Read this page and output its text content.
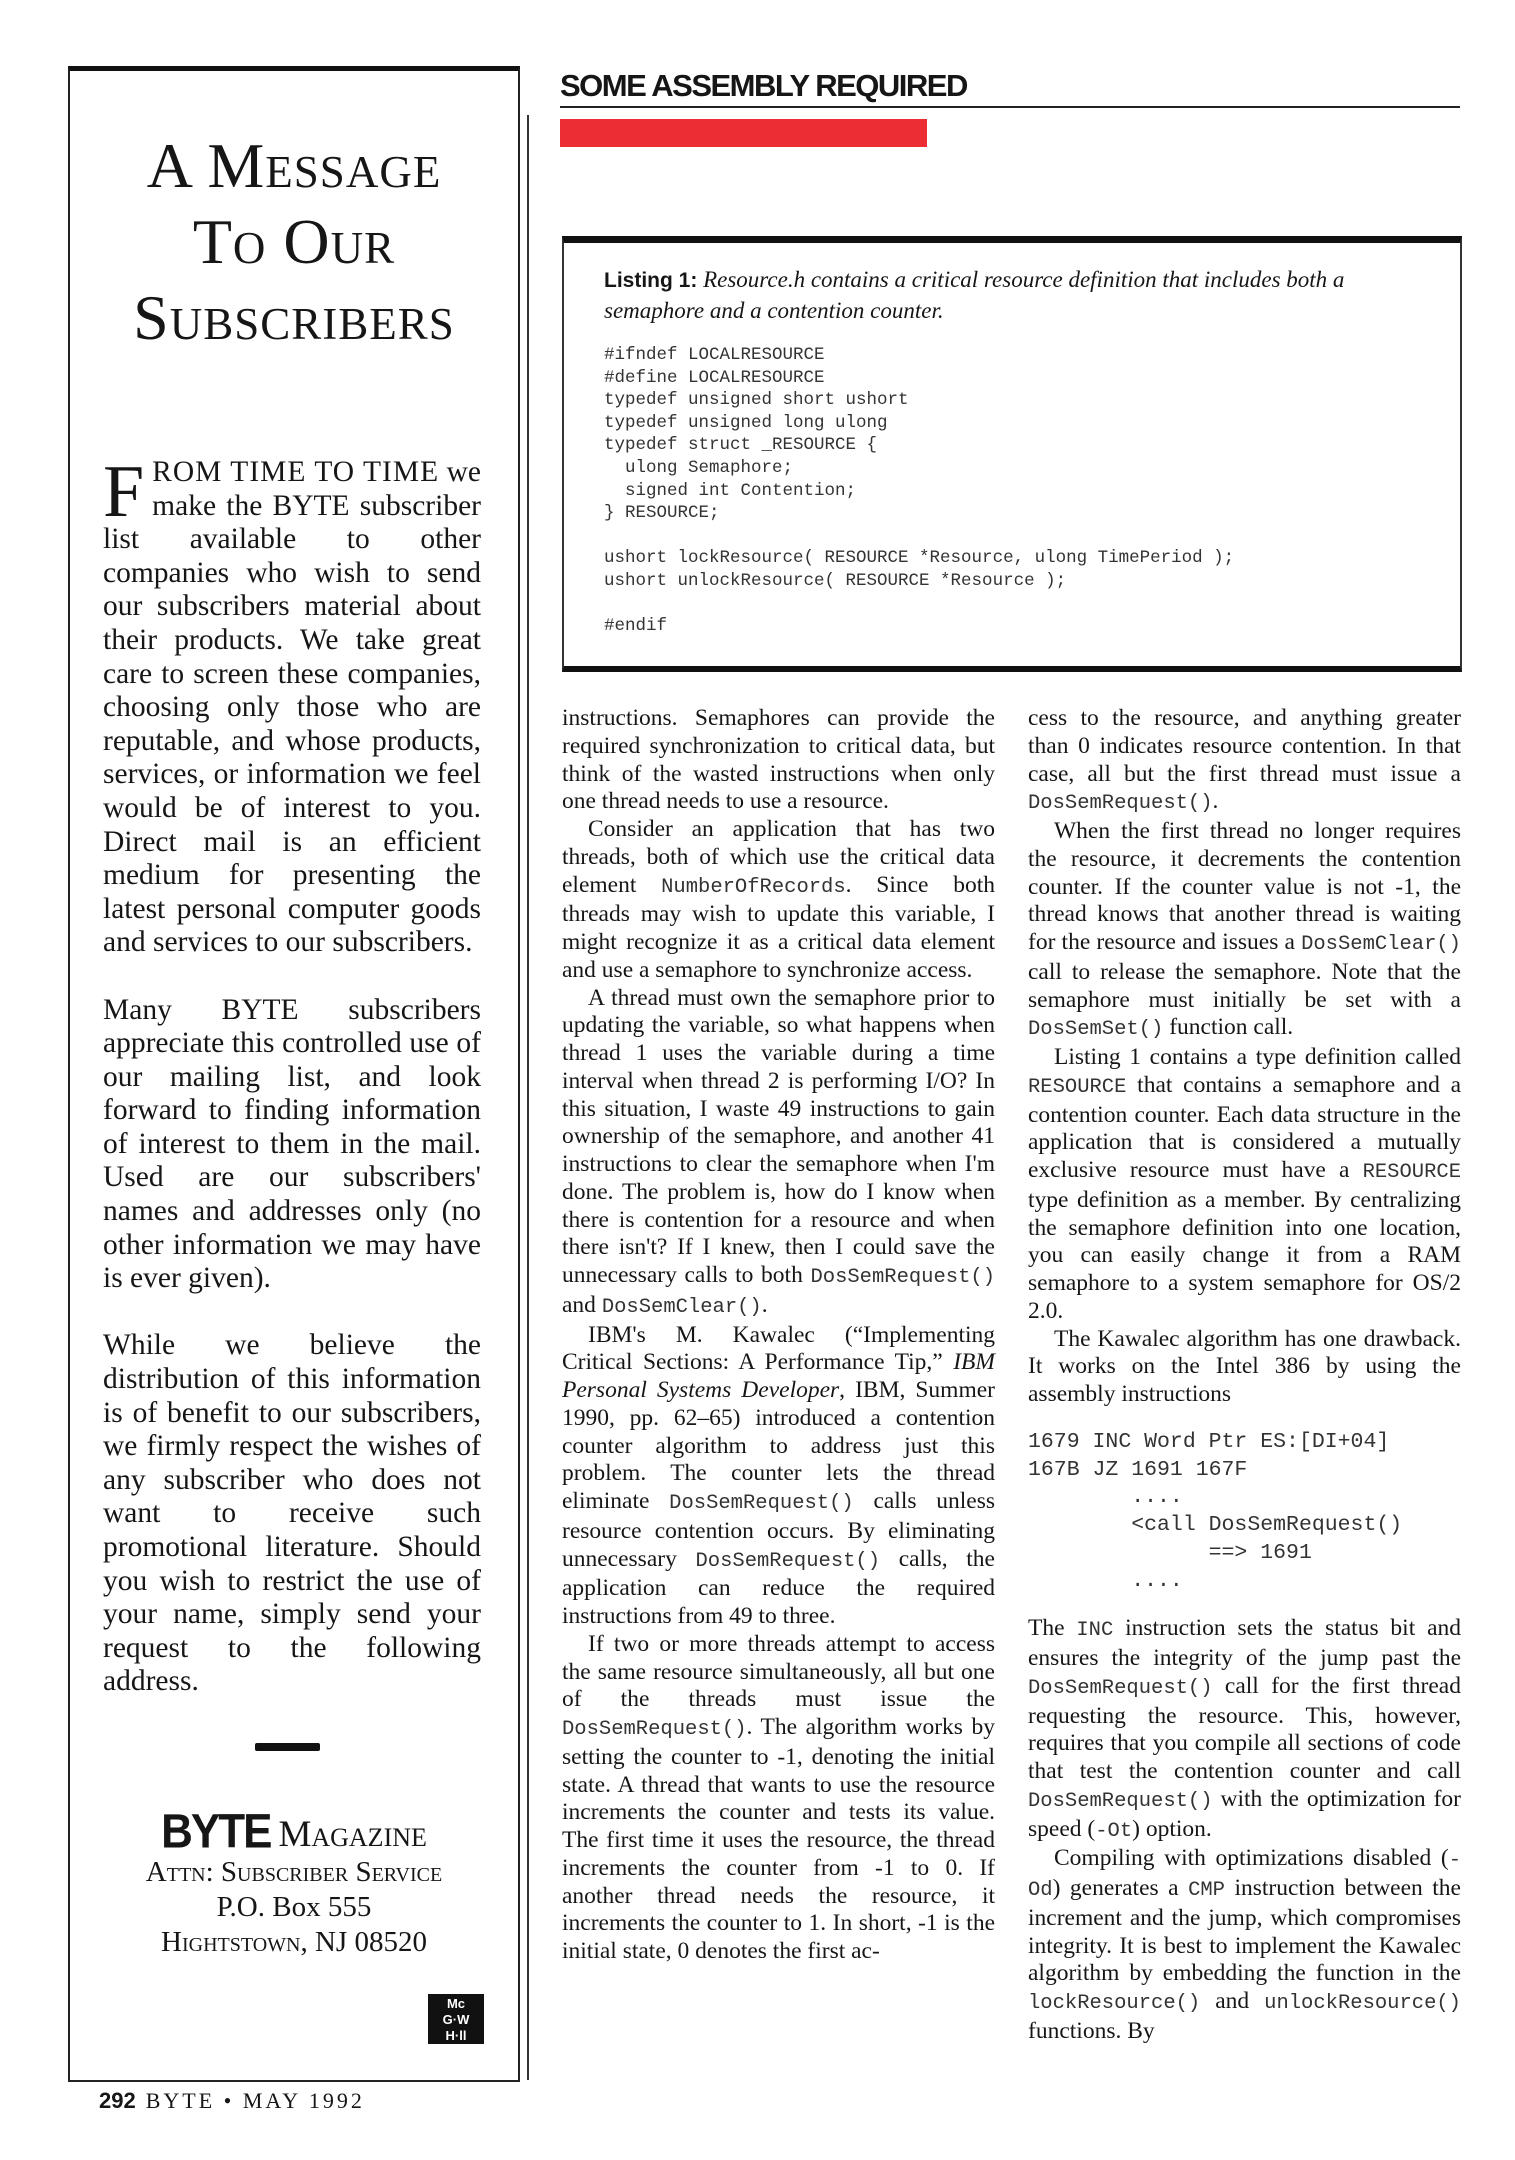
A Message
To Our
Subscribers

FROM TIME TO TIME we make the BYTE subscriber list available to other companies who wish to send our subscribers material about their products. We take great care to screen these companies, choosing only those who are reputable, and whose products, services, or information we feel would be of interest to you. Direct mail is an efficient medium for presenting the latest personal computer goods and services to our subscribers.

Many BYTE subscribers appreciate this controlled use of our mailing list, and look forward to finding information of interest to them in the mail. Used are our subscribers' names and addresses only (no other information we may have is ever given).

While we believe the distribution of this information is of benefit to our subscribers, we firmly respect the wishes of any subscriber who does not want to receive such promotional literature. Should you wish to restrict the use of your name, simply send your request to the following address.

BYTE Magazine
Attn: Subscriber Service
P.O. Box 555
Hightstown, NJ 08520
Mc
G·W
H·ll
292 BYTE • MAY 1992
SOME ASSEMBLY REQUIRED
Listing 1: Resource.h contains a critical resource definition that includes both a semaphore and a contention counter.
#ifndef LOCALRESOURCE
#define LOCALRESOURCE
typedef unsigned short ushort
typedef unsigned long ulong
typedef struct _RESOURCE {
ulong Semaphore;
signed int Contention;
} RESOURCE;
ushort lockResource( RESOURCE *Resource, ulong TimePeriod );
ushort unlockResource( RESOURCE *Resource );
#endif

instructions. Semaphores can provide the required synchronization to critical data, but think of the wasted instructions when only one thread needs to use a resource.

Consider an application that has two threads, both of which use the critical data element NumberOfRecords. Since both threads may wish to update this variable, I might recognize it as a critical data element and use a semaphore to synchronize access.

A thread must own the semaphore prior to updating the variable, so what happens when thread 1 uses the variable during a time interval when thread 2 is performing I/O? In this situation, I waste 49 instructions to gain ownership of the semaphore, and another 41 instructions to clear the semaphore when I'm done. The problem is, how do I know when there is contention for a resource and when there isn't? If I knew, then I could save the unnecessary calls to both DosSemRequest() and DosSemClear().

IBM's M. Kawalec (“Implementing Critical Sections: A Performance Tip,” IBM Personal Systems Developer, IBM, Summer 1990, pp. 62–65) introduced a contention counter algorithm to address just this problem. The counter lets the thread eliminate DosSemRequest() calls unless resource contention occurs. By eliminating unnecessary DosSemRequest() calls, the application can reduce the required instructions from 49 to three.

If two or more threads attempt to access the same resource simultaneously, all but one of the threads must issue the DosSemRequest(). The algorithm works by setting the counter to -1, denoting the initial state. A thread that wants to use the resource increments the counter and tests its value. The first time it uses the resource, the thread increments the counter from -1 to 0. If another thread needs the resource, it increments the counter to 1. In short, -1 is the initial state, 0 denotes the first ac-

cess to the resource, and anything greater than 0 indicates resource contention. In that case, all but the first thread must issue a DosSemRequest().

When the first thread no longer requires the resource, it decrements the contention counter. If the counter value is not -1, the thread knows that another thread is waiting for the resource and issues a DosSemClear() call to release the semaphore. Note that the semaphore must initially be set with a DosSemSet() function call.

Listing 1 contains a type definition called RESOURCE that contains a semaphore and a contention counter. Each data structure in the application that is considered a mutually exclusive resource must have a RESOURCE type definition as a member. By centralizing the semaphore definition into one location, you can easily change it from a RAM semaphore to a system semaphore for OS/2 2.0.

The Kawalec algorithm has one drawback. It works on the Intel 386 by using the assembly instructions

1679 INC Word Ptr ES:[DI+04]
167B JZ 1691 167F
....
<call DosSemRequest()
==> 1691
....

The INC instruction sets the status bit and ensures the integrity of the jump past the DosSemRequest() call for the first thread requesting the resource. This, however, requires that you compile all sections of code that test the contention counter and call DosSemRequest() with the optimization for speed (-Ot) option.

Compiling with optimizations disabled (-Od) generates a CMP instruction between the increment and the jump, which compromises integrity. It is best to implement the Kawalec algorithm by embedding the function in the lockResource() and unlockResource() functions. By
